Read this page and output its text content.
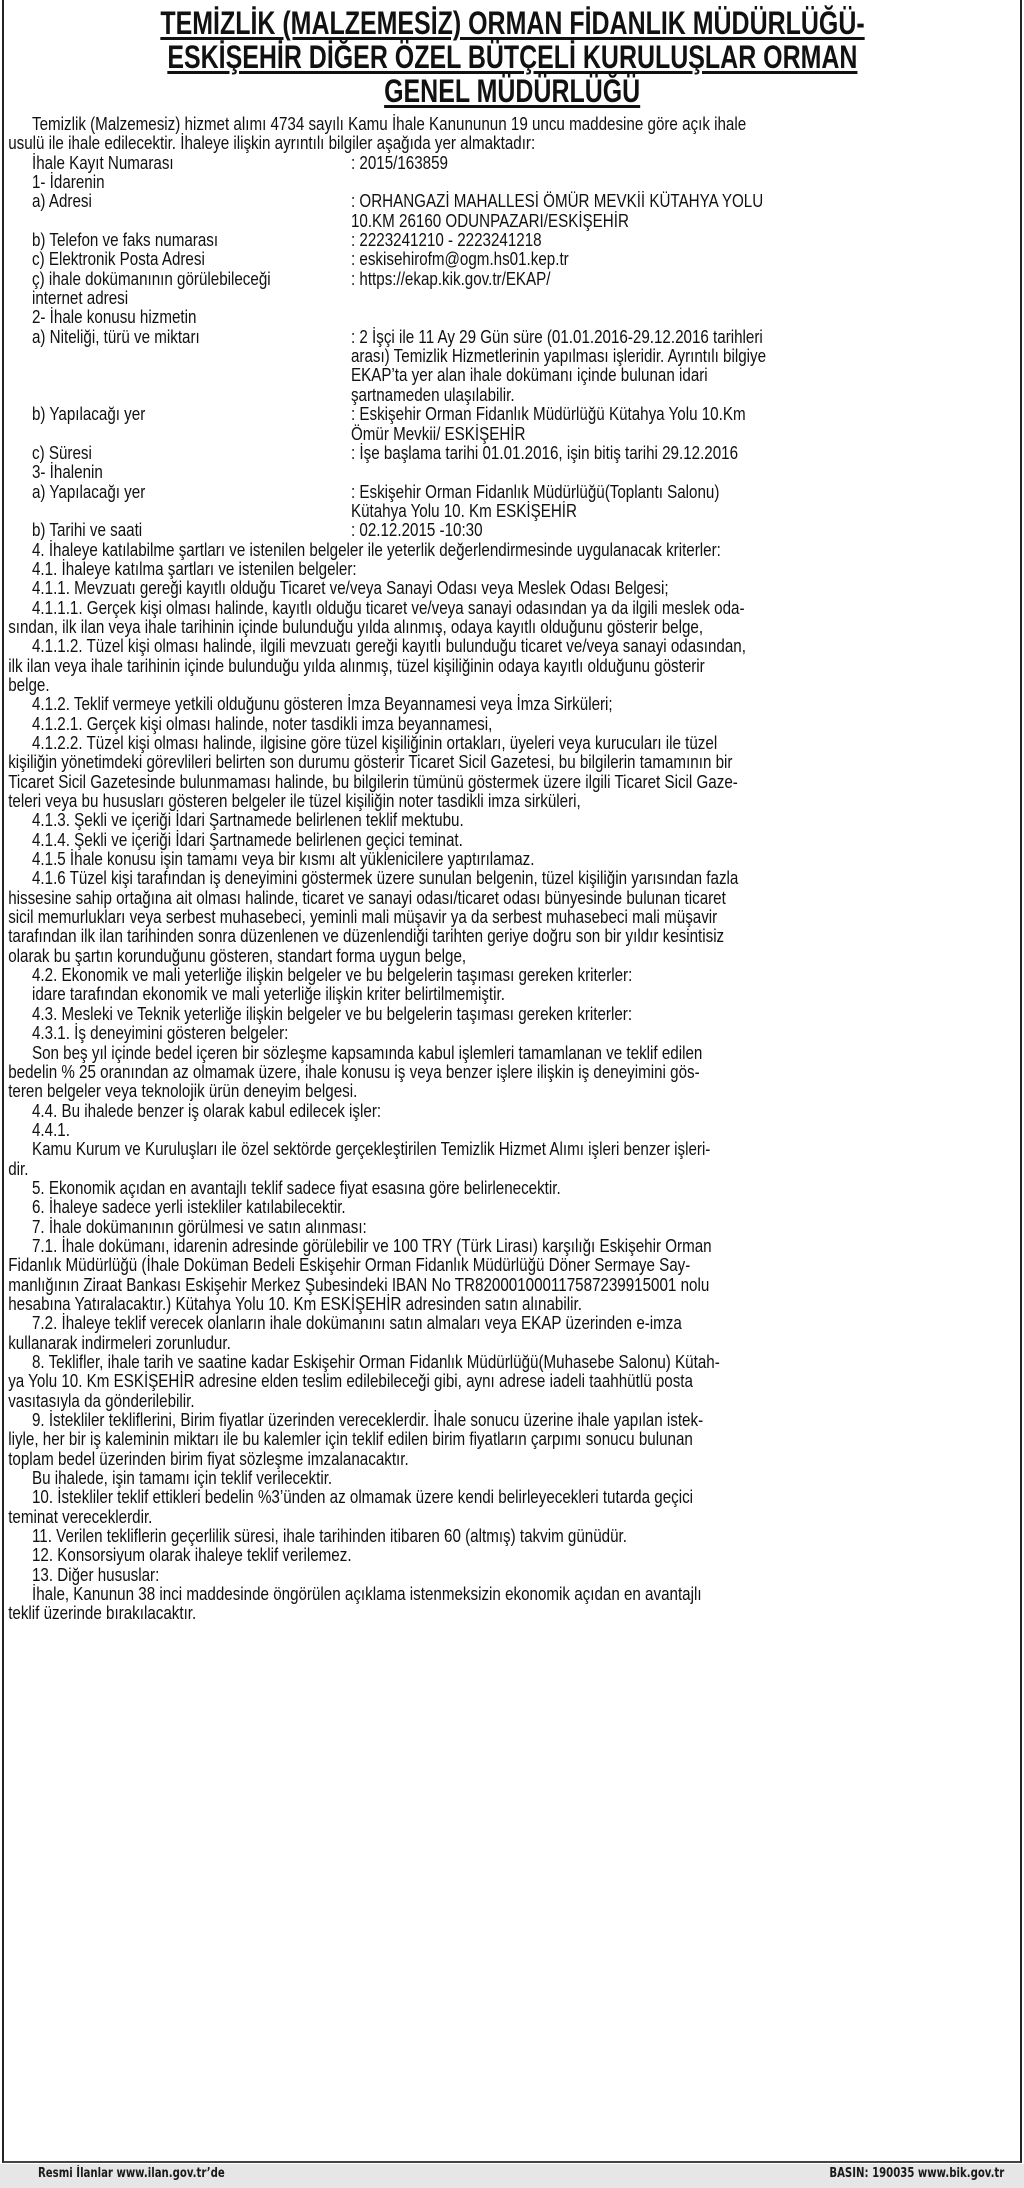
TEMİZLİK (MALZEMESİZ) ORMAN FİDANLIK MÜDÜRLÜĞÜ-
ESKİŞEHİR DİĞER ÖZEL BÜTÇELİ KURULUŞLAR ORMAN
GENEL MÜDÜRLÜĞÜ
Temizlik (Malzemesiz) hizmet alımı 4734 sayılı Kamu İhale Kanununun 19 uncu maddesine göre açık ihale
usulü ile ihale edilecektir. İhaleye ilişkin ayrıntılı bilgiler aşağıda yer almaktadır:
İhale Kayıt Numarası	: 2015/163859
1- İdarenin
a) Adresi	: ORHANGAZİ MAHALLESİ ÖMÜR MEVKİİ KÜTAHYA YOLU
10.KM 26160 ODUNPAZARI/ESKİŞEHİR
b) Telefon ve faks numarası	: 2223241210 - 2223241218
c) Elektronik Posta Adresi	: eskisehirofm@ogm.hs01.kep.tr
ç) ihale dokümanının görülebileceği	: https://ekap.kik.gov.tr/EKAP/
internet adresi
2- İhale konusu hizmetin
a) Niteliği, türü ve miktarı	: 2 İşçi ile 11 Ay 29 Gün süre (01.01.2016-29.12.2016 tarihleri
arası) Temizlik Hizmetlerinin yapılması işleridir. Ayrıntılı bilgiye
EKAP’ta yer alan ihale dokümanı içinde bulunan idari
şartnameden ulaşılabilir.
b) Yapılacağı yer	: Eskişehir Orman Fidanlık Müdürlüğü Kütahya Yolu 10.Km
Ömür Mevkii/ ESKİŞEHİR
c) Süresi	: İşe başlama tarihi 01.01.2016, işin bitiş tarihi 29.12.2016
3- İhalenin
a) Yapılacağı yer	: Eskişehir Orman Fidanlık Müdürlüğü(Toplantı Salonu)
Kütahya Yolu 10. Km ESKİŞEHİR
b) Tarihi ve saati	: 02.12.2015 -10:30
4. İhaleye katılabilme şartları ve istenilen belgeler ile yeterlik değerlendirmesinde uygulanacak kriterler:
4.1. İhaleye katılma şartları ve istenilen belgeler:
4.1.1. Mevzuatı gereği kayıtlı olduğu Ticaret ve/veya Sanayi Odası veya Meslek Odası Belgesi;
4.1.1.1. Gerçek kişi olması halinde, kayıtlı olduğu ticaret ve/veya sanayi odasından ya da ilgili meslek oda-
sından, ilk ilan veya ihale tarihinin içinde bulunduğu yılda alınmış, odaya kayıtlı olduğunu gösterir belge,
4.1.1.2. Tüzel kişi olması halinde, ilgili mevzuatı gereği kayıtlı bulunduğu ticaret ve/veya sanayi odasından,
ilk ilan veya ihale tarihinin içinde bulunduğu yılda alınmış, tüzel kişiliğinin odaya kayıtlı olduğunu gösterir
belge.
4.1.2. Teklif vermeye yetkili olduğunu gösteren İmza Beyannamesi veya İmza Sirküleri;
4.1.2.1. Gerçek kişi olması halinde, noter tasdikli imza beyannamesi,
4.1.2.2. Tüzel kişi olması halinde, ilgisine göre tüzel kişiliğinin ortakları, üyeleri veya kurucuları ile tüzel
kişiliğin yönetimdeki görevlileri belirten son durumu gösterir Ticaret Sicil Gazetesi, bu bilgilerin tamamının bir
Ticaret Sicil Gazetesinde bulunmaması halinde, bu bilgilerin tümünü göstermek üzere ilgili Ticaret Sicil Gaze-
teleri veya bu hususları gösteren belgeler ile tüzel kişiliğin noter tasdikli imza sirküleri,
4.1.3. Şekli ve içeriği İdari Şartnamede belirlenen teklif mektubu.
4.1.4. Şekli ve içeriği İdari Şartnamede belirlenen geçici teminat.
4.1.5 İhale konusu işin tamamı veya bir kısmı alt yüklenicilere yaptırılamaz.
4.1.6 Tüzel kişi tarafından iş deneyimini göstermek üzere sunulan belgenin, tüzel kişiliğin yarısından fazla
hissesine sahip ortağına ait olması halinde, ticaret ve sanayi odası/ticaret odası bünyesinde bulunan ticaret
sicil memurlukları veya serbest muhasebeci, yeminli mali müşavir ya da serbest muhasebeci mali müşavir
tarafından ilk ilan tarihinden sonra düzenlenen ve düzenlendiği tarihten geriye doğru son bir yıldır kesintisiz
olarak bu şartın korunduğunu gösteren, standart forma uygun belge,
4.2. Ekonomik ve mali yeterliğe ilişkin belgeler ve bu belgelerin taşıması gereken kriterler:
idare tarafından ekonomik ve mali yeterliğe ilişkin kriter belirtilmemiştir.
4.3. Mesleki ve Teknik yeterliğe ilişkin belgeler ve bu belgelerin taşıması gereken kriterler:
4.3.1. İş deneyimini gösteren belgeler:
Son beş yıl içinde bedel içeren bir sözleşme kapsamında kabul işlemleri tamamlanan ve teklif edilen
bedelin % 25 oranından az olmamak üzere, ihale konusu iş veya benzer işlere ilişkin iş deneyimini gös-
teren belgeler veya teknolojik ürün deneyim belgesi.
4.4. Bu ihalede benzer iş olarak kabul edilecek işler:
4.4.1.
Kamu Kurum ve Kuruluşları ile özel sektörde gerçekleştirilen Temizlik Hizmet Alımı işleri benzer işleri-
dir.
5. Ekonomik açıdan en avantajlı teklif sadece fiyat esasına göre belirlenecektir.
6. İhaleye sadece yerli istekliler katılabilecektir.
7. İhale dokümanının görülmesi ve satın alınması:
7.1. İhale dokümanı, idarenin adresinde görülebilir ve 100 TRY (Türk Lirası) karşılığı Eskişehir Orman
Fidanlık Müdürlüğü (İhale Doküman Bedeli Eskişehir Orman Fidanlık Müdürlüğü Döner Sermaye Say-
manlığının Ziraat Bankası Eskişehir Merkez Şubesindeki IBAN No TR820001000117587239915001 nolu
hesabına Yatıralacaktır.) Kütahya Yolu 10. Km ESKİŞEHİR adresinden satın alınabilir.
7.2. İhaleye teklif verecek olanların ihale dokümanını satın almaları veya EKAP üzerinden e-imza
kullanarak indirmeleri zorunludur.
8. Teklifler, ihale tarih ve saatine kadar Eskişehir Orman Fidanlık Müdürlüğü(Muhasebe Salonu) Kütah-
ya Yolu 10. Km ESKİŞEHİR adresine elden teslim edilebileceği gibi, aynı adrese iadeli taahhütlü posta
vasıtasıyla da gönderilebilir.
9. İstekliler tekliflerini, Birim fiyatlar üzerinden vereceklerdir. İhale sonucu üzerine ihale yapılan istek-
liyle, her bir iş kaleminin miktarı ile bu kalemler için teklif edilen birim fiyatların çarpımı sonucu bulunan
toplam bedel üzerinden birim fiyat sözleşme imzalanacaktır.
Bu ihalede, işin tamamı için teklif verilecektir.
10. İstekliler teklif ettikleri bedelin %3’ünden az olmamak üzere kendi belirleyecekleri tutarda geçici
teminat vereceklerdir.
11. Verilen tekliflerin geçerlilik süresi, ihale tarihinden itibaren 60 (altmış) takvim günüdür.
12. Konsorsiyum olarak ihaleye teklif verilemez.
13. Diğer hususlar:
İhale, Kanunun 38 inci maddesinde öngörülen açıklama istenmeksizin ekonomik açıdan en avantajlı
teklif üzerinde bırakılacaktır.
Resmi İlanlar www.ilan.gov.tr’de	BASIN: 190035 www.bik.gov.tr
